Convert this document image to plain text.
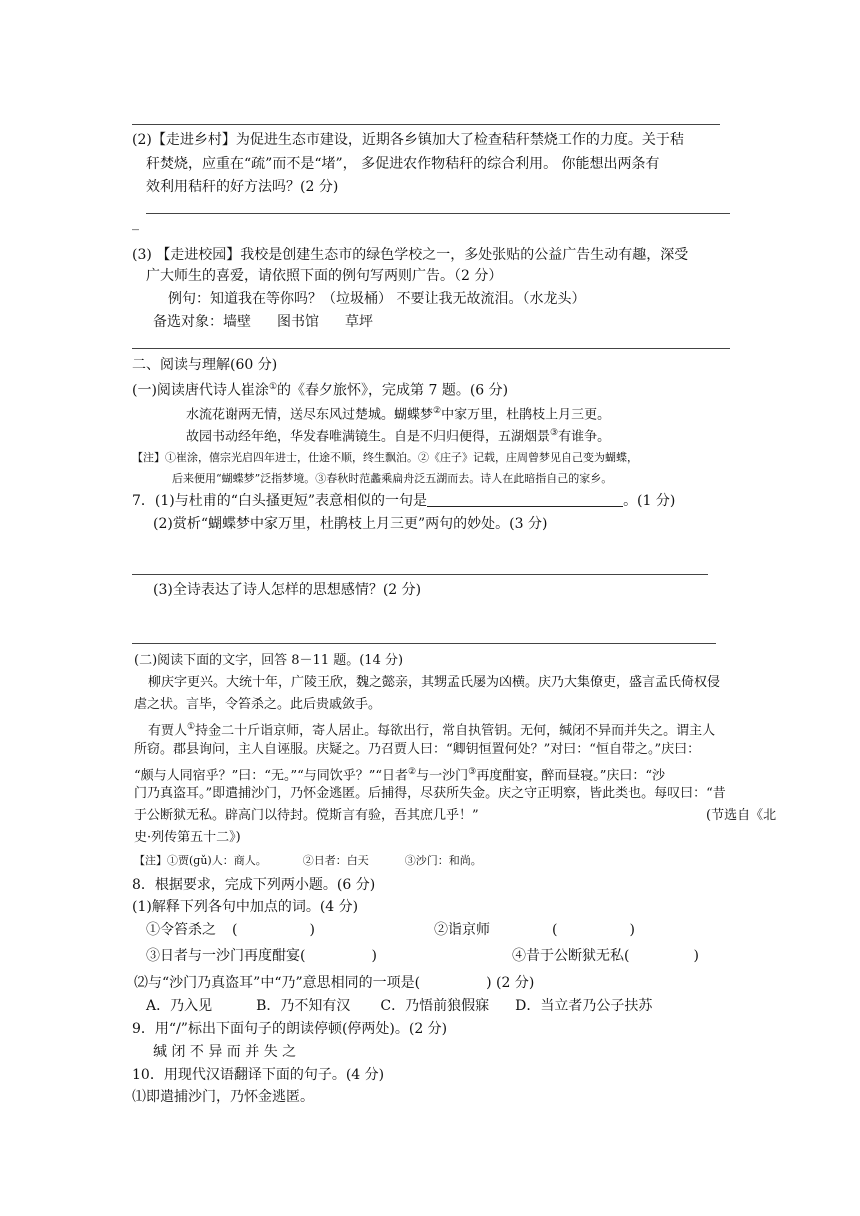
(2)【走进乡村】为促进生态市建设，近期各乡镇加大了检查秸秆禁烧工作的力度。关于秸
秆焚烧，应重在“疏”而不是“堵”， 多促进农作物秸秆的综合利用。 你能想出两条有
效利用秸秆的好方法吗？(2 分)
_
(3) 【走进校园】我校是创建生态市的绿色学校之一，多处张贴的公益广告生动有趣，深受
广大师生的喜爱，请依照下面的例句写两则广告。（2 分）
例句：知道我在等你吗？（垃圾桶） 不要让我无故流泪。（水龙头）
备选对象：墙壁 图书馆 草坪
二、阅读与理解(60 分)
(一)阅读唐代诗人崔涂①的《春夕旅怀》，完成第 7 题。(6 分)
水流花谢两无情，送尽东风过楚城。蝴蝶梦②中家万里，杜鹃枝上月三更。
故园书动经年绝，华发春唯满镜生。自是不归归便得，五湖烟景③有谁争。
【注】①崔涂，僖宗光启四年进士，仕途不顺，终生飘泊。②《庄子》记载，庄周曾梦见自己变为蝴蝶，
后来便用“蝴蝶梦”泛指梦境。③春秋时范蠡乘扁舟泛五湖而去。诗人在此暗指自己的家乡。
7．(1)与杜甫的“白头搔更短”表意相似的一句是	。(1 分)
(2)赏析“蝴蝶梦中家万里，杜鹃枝上月三更”两句的妙处。(3 分)
(3)全诗表达了诗人怎样的思想感情？(2 分)
(二)阅读下面的文字，回答 8－11 题。(14 分)
柳庆字更兴。大统十年，广陵王欣，魏之懿亲，其甥孟氏屡为凶横。庆乃大集僚吏，盛言孟氏倚权侵
虐之状。言毕，令笞杀之。此后贵戚敛手。
有贾人①持金二十斤诣京师，寄人居止。每欲出行，常自执管钥。无何，缄闭不异而并失之。谓主人
所窃。郡县询问，主人自诬服。庆疑之。乃召贾人曰：“卿钥恒置何处？”对曰：“恒自带之。”庆曰：
“颇与人同宿乎？”曰：“无。”“与同饮乎？”“日者②与一沙门③再度酣宴，醉而昼寝。”庆曰：“沙
门乃真盗耳。”即遣捕沙门，乃怀金逃匿。后捕得，尽获所失金。庆之守正明察，皆此类也。每叹曰：“昔
于公断狱无私。辟高门以待封。傥斯言有验，吾其庶几乎！”	(节选自《北
史·列传第五十二》)
【注】①贾(ɡǔ)人：商人。	②日者：白天	③沙门：和尚。
8．根据要求，完成下列两小题。(6 分)
(1)解释下列各句中加点的词。(4 分)
①令笞杀之 (	)	②诣京师	(	)
③日者与一沙门再度酣宴(	)	④昔于公断狱无私(	)
⑵与“沙门乃真盗耳”中“乃”意思相同的一项是(	) (2 分)
A．乃入见	B．乃不知有汉 C．乃悟前狼假寐 D．当立者乃公子扶苏
9．用“/”标出下面句子的朗读停顿(停两处)。(2 分)
缄 闭 不 异 而 并 失 之
10．用现代汉语翻译下面的句子。(4 分)
⑴即遣捕沙门，乃怀金逃匿。
